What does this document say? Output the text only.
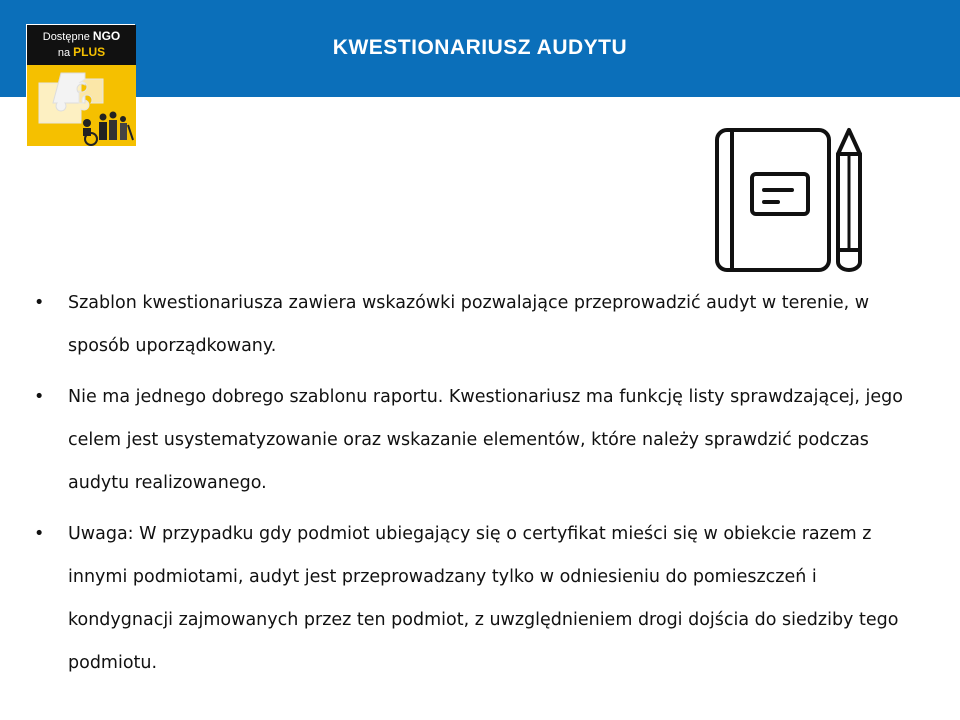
KWESTIONARIUSZ AUDYTU
Dostępne NGO
na PLUS
• Szablon kwestionariusza zawiera wskazówki pozwalające przeprowadzić audyt w terenie, w sposób uporządkowany.
• Nie ma jednego dobrego szablonu raportu. Kwestionariusz ma funkcję listy sprawdzającej, jego celem jest usystematyzowanie oraz wskazanie elementów, które należy sprawdzić podczas audytu realizowanego.
• Uwaga: W przypadku gdy podmiot ubiegający się o certyfikat mieści się w obiekcie razem z innymi podmiotami, audyt jest przeprowadzany tylko w odniesieniu do pomieszczeń i kondygnacji zajmowanych przez ten podmiot, z uwzględnieniem drogi dojścia do siedziby tego podmiotu.
